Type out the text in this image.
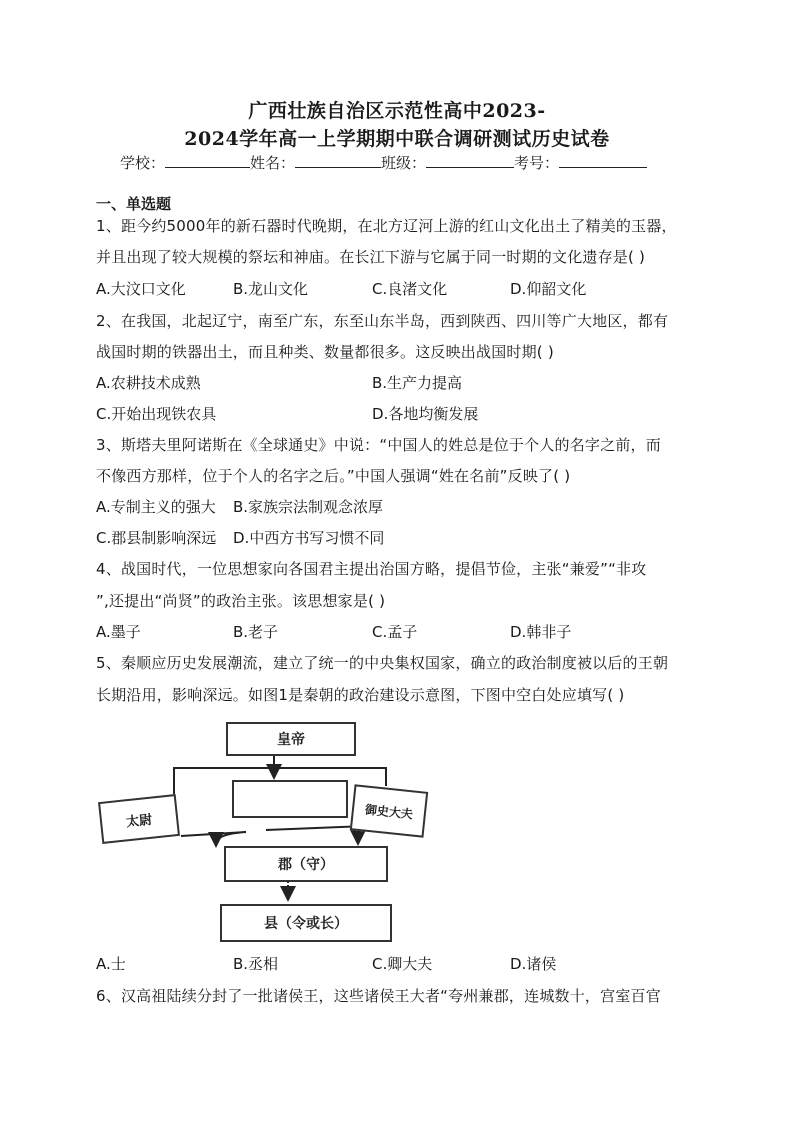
广西壮族自治区示范性高中2023-
2024学年高一上学期期中联合调研测试历史试卷
学校：	姓名：	班级：	考号：
一、单选题
1、距今约5000年的新石器时代晚期，在北方辽河上游的红山文化出土了精美的玉器，
并且出现了较大规模的祭坛和神庙。在长江下游与它属于同一时期的文化遗存是( )
A.大汶口文化	B.龙山文化	C.良渚文化	D.仰韶文化
2、在我国，北起辽宁，南至广东，东至山东半岛，西到陕西、四川等广大地区，都有
战国时期的铁器出土，而且种类、数量都很多。这反映出战国时期( )
A.农耕技术成熟	B.生产力提高
C.开始出现铁农具	D.各地均衡发展
3、斯塔夫里阿诺斯在《全球通史》中说：“中国人的姓总是位于个人的名字之前，而
不像西方那样，位于个人的名字之后。”中国人强调“姓在名前”反映了( )
A.专制主义的强大 B.家族宗法制观念浓厚
C.郡县制影响深远 D.中西方书写习惯不同
4、战国时代，一位思想家向各国君主提出治国方略，提倡节俭，主张“兼爱”“非攻
”,还提出“尚贤”的政治主张。该思想家是( )
A.墨子	B.老子	C.孟子	D.韩非子
5、秦顺应历史发展潮流，建立了统一的中央集权国家，确立的政治制度被以后的王朝
长期沿用，影响深远。如图1是秦朝的政治建设示意图，下图中空白处应填写( )
皇帝
太尉
御史大夫
郡（守）
县（令或长）
A.士	B.丞相	C.卿大夫	D.诸侯
6、汉高祖陆续分封了一批诸侯王，这些诸侯王大者“夸州兼郡，连城数十，宫室百官
